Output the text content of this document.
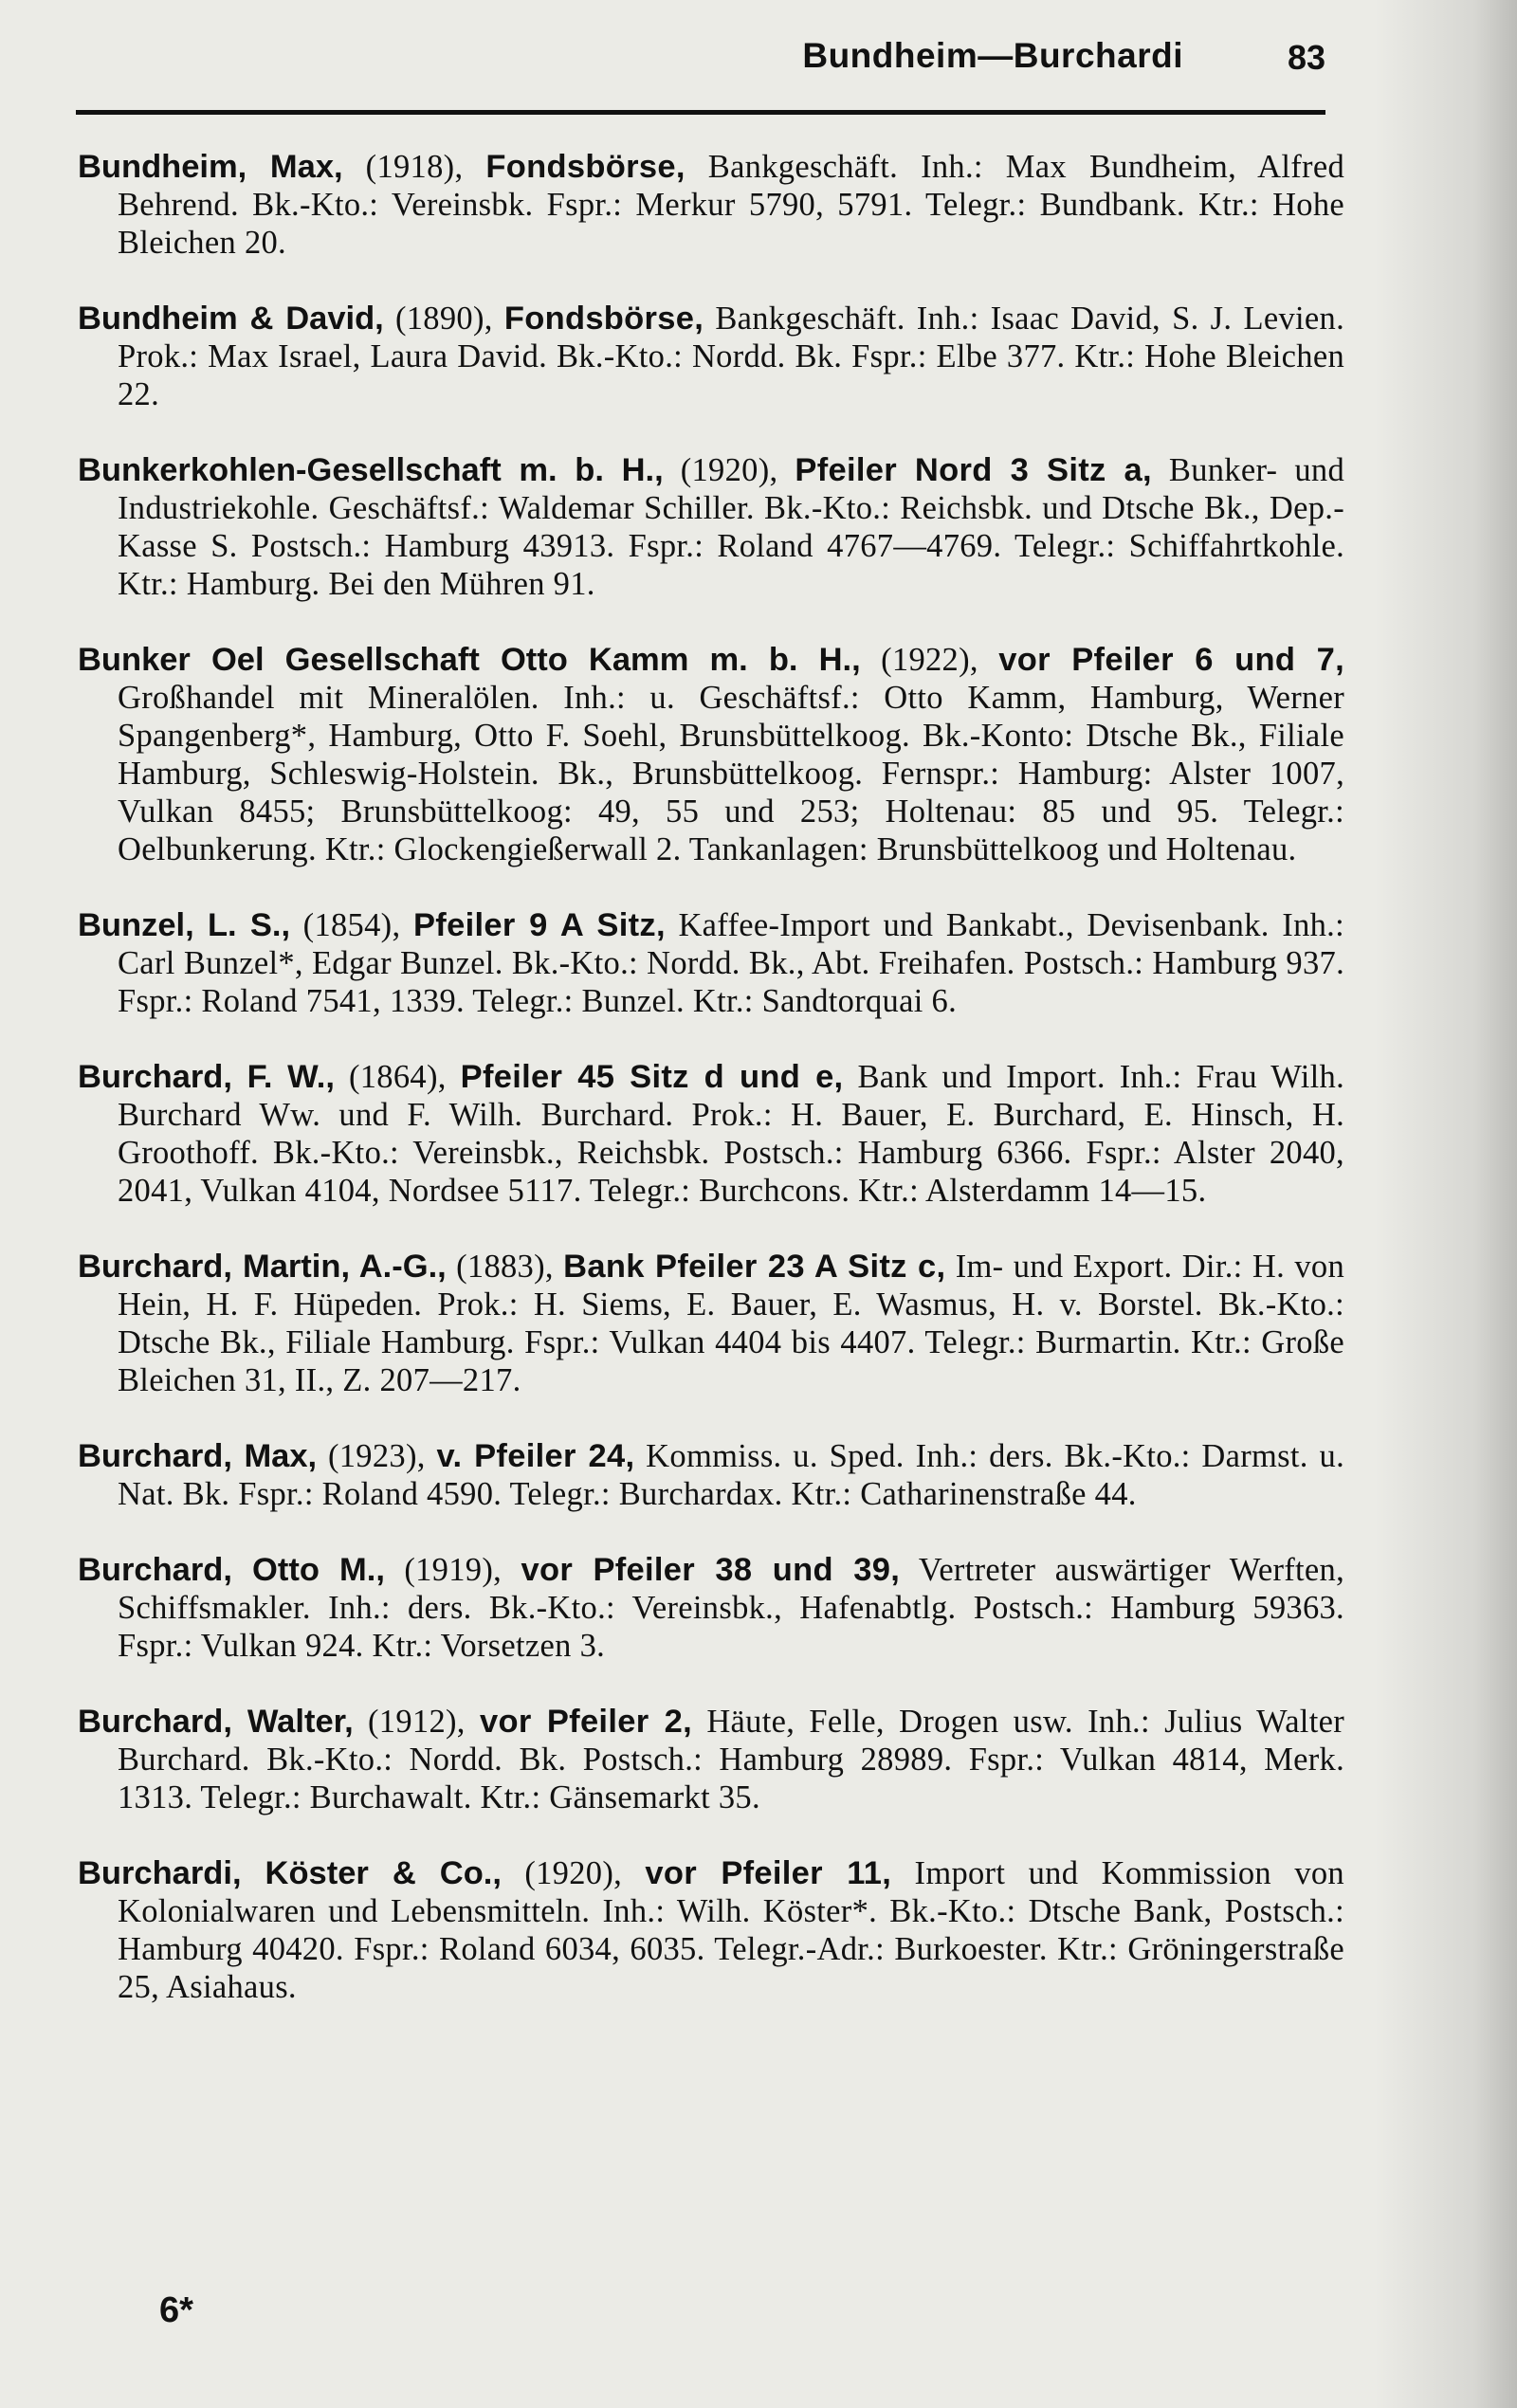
Bundheim—Burchardi	83

Bundheim, Max, (1918), Fondsbörse, Bankgeschäft. Inh.: Max Bundheim, Alfred Behrend. Bk.-Kto.: Vereinsbk. Fspr.: Merkur 5790, 5791. Telegr.: Bundbank. Ktr.: Hohe Bleichen 20.

Bundheim & David, (1890), Fondsbörse, Bankgeschäft. Inh.: Isaac David, S. J. Levien. Prok.: Max Israel, Laura David. Bk.-Kto.: Nordd. Bk. Fspr.: Elbe 377. Ktr.: Hohe Bleichen 22.

Bunkerkohlen-Gesellschaft m. b. H., (1920), Pfeiler Nord 3 Sitz a, Bunker- und Industriekohle. Geschäftsf.: Waldemar Schiller. Bk.-Kto.: Reichsbk. und Dtsche Bk., Dep.-Kasse S. Postsch.: Hamburg 43913. Fspr.: Roland 4767—4769. Telegr.: Schiffahrtkohle. Ktr.: Hamburg. Bei den Mühren 91.

Bunker Oel Gesellschaft Otto Kamm m. b. H., (1922), vor Pfeiler 6 und 7, Großhandel mit Mineralölen. Inh.: u. Geschäftsf.: Otto Kamm, Hamburg, Werner Spangenberg*, Hamburg, Otto F. Soehl, Brunsbüttelkoog. Bk.-Konto: Dtsche Bk., Filiale Hamburg, Schleswig-Holstein. Bk., Brunsbüttelkoog. Fernspr.: Hamburg: Alster 1007, Vulkan 8455; Brunsbüttelkoog: 49, 55 und 253; Holtenau: 85 und 95. Telegr.: Oelbunkerung. Ktr.: Glockengießerwall 2. Tankanlagen: Brunsbüttelkoog und Holtenau.

Bunzel, L. S., (1854), Pfeiler 9 A Sitz, Kaffee-Import und Bankabt., Devisenbank. Inh.: Carl Bunzel*, Edgar Bunzel. Bk.-Kto.: Nordd. Bk., Abt. Freihafen. Postsch.: Hamburg 937. Fspr.: Roland 7541, 1339. Telegr.: Bunzel. Ktr.: Sandtorquai 6.

Burchard, F. W., (1864), Pfeiler 45 Sitz d und e, Bank und Import. Inh.: Frau Wilh. Burchard Ww. und F. Wilh. Burchard. Prok.: H. Bauer, E. Burchard, E. Hinsch, H. Groothoff. Bk.-Kto.: Vereinsbk., Reichsbk. Postsch.: Hamburg 6366. Fspr.: Alster 2040, 2041, Vulkan 4104, Nordsee 5117. Telegr.: Burchcons. Ktr.: Alsterdamm 14—15.

Burchard, Martin, A.-G., (1883), Bank Pfeiler 23 A Sitz c, Im- und Export. Dir.: H. von Hein, H. F. Hüpeden. Prok.: H. Siems, E. Bauer, E. Wasmus, H. v. Borstel. Bk.-Kto.: Dtsche Bk., Filiale Hamburg. Fspr.: Vulkan 4404 bis 4407. Telegr.: Burmartin. Ktr.: Große Bleichen 31, II., Z. 207—217.

Burchard, Max, (1923), v. Pfeiler 24, Kommiss. u. Sped. Inh.: ders. Bk.-Kto.: Darmst. u. Nat. Bk. Fspr.: Roland 4590. Telegr.: Burchardax. Ktr.: Catharinenstraße 44.

Burchard, Otto M., (1919), vor Pfeiler 38 und 39, Vertreter auswärtiger Werften, Schiffsmakler. Inh.: ders. Bk.-Kto.: Vereinsbk., Hafenabtlg. Postsch.: Hamburg 59363. Fspr.: Vulkan 924. Ktr.: Vorsetzen 3.

Burchard, Walter, (1912), vor Pfeiler 2, Häute, Felle, Drogen usw. Inh.: Julius Walter Burchard. Bk.-Kto.: Nordd. Bk. Postsch.: Hamburg 28989. Fspr.: Vulkan 4814, Merk. 1313. Telegr.: Burchawalt. Ktr.: Gänsemarkt 35.

Burchardi, Köster & Co., (1920), vor Pfeiler 11, Import und Kommission von Kolonialwaren und Lebensmitteln. Inh.: Wilh. Köster*. Bk.-Kto.: Dtsche Bank, Postsch.: Hamburg 40420. Fspr.: Roland 6034, 6035. Telegr.-Adr.: Burkoester. Ktr.: Gröningerstraße 25, Asiahaus.

6*
